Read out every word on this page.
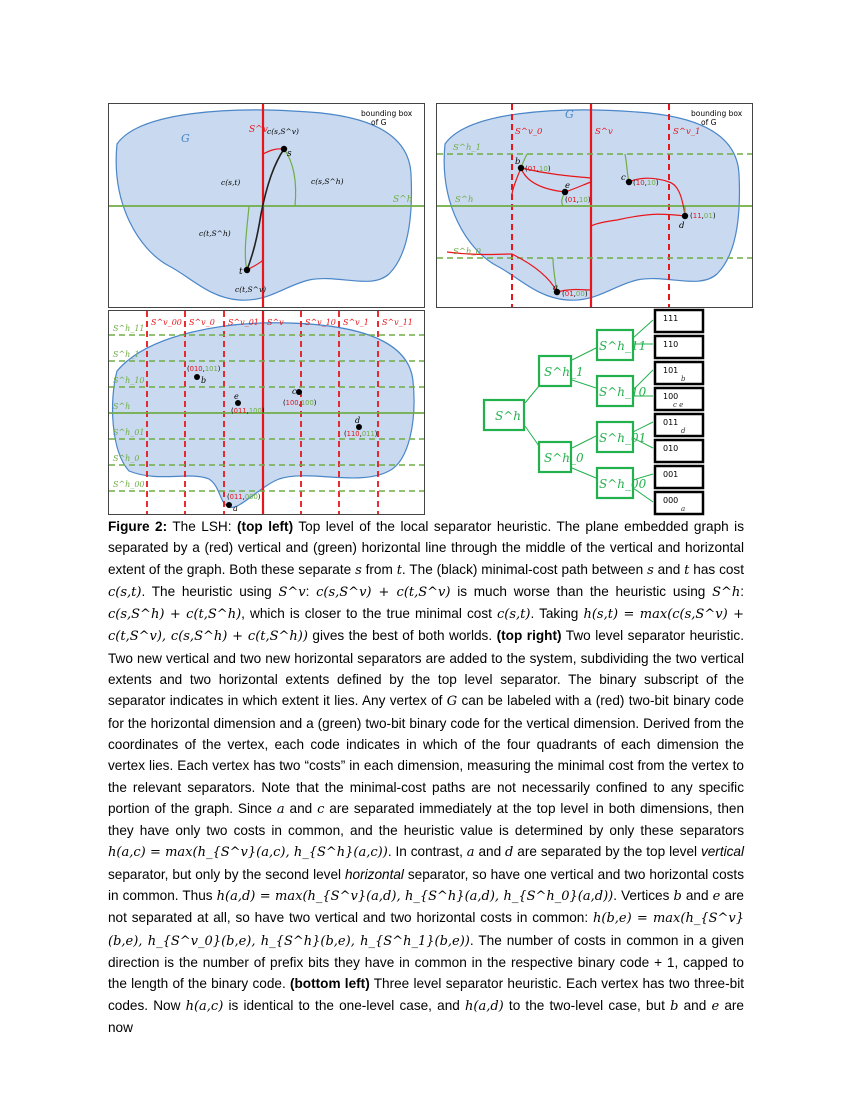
bounding box
of G
G
S^v
S^h
c(s,S^v)
c(s,S^h)
c(s,t)
c(t,S^h)
c(t,S^v)
s
t
bounding box
of G
G
S^v_0	S^v	S^v_1
S^h_1
S^h
S^h_0
b
(01,10)
e
(01,10)
c (10,10)
d
(11,01)
a
(01,00)
S^v_00 S^v_0 S^v_01 S^v	S^v_10 S^v_1 S^v_11
S^h_11
S^h_1
S^h_10
S^h
S^h_01
S^h_0
S^h_00
(010,101)
b
e
(011,100)
c
(100,100)
d
(110,011)
(011,000)
a
S^h
S^h_1
S^h_0
S^h_11
S^h_10
S^h_01
S^h_00
111
110
101
100
011
010
001
000
b
c e
d
a
Figure 2: The LSH: (top left) Top level of the local separator heuristic. The plane embedded graph is separated by a (red) vertical and (green) horizontal line through the middle of the vertical and horizontal extent of the graph. Both these separate s from t. The (black) minimal-cost path between s and t has cost c(s,t). The heuristic using S^v: c(s,S^v) + c(t,S^v) is much worse than the heuristic using S^h: c(s,S^h) + c(t,S^h), which is closer to the true minimal cost c(s,t). Taking h(s,t) = max(c(s,S^v) + c(t,S^v), c(s,S^h) + c(t,S^h)) gives the best of both worlds. (top right) Two level separator heuristic. Two new vertical and two new horizontal separators are added to the system, subdividing the two vertical extents and two horizontal extents defined by the top level separator. The binary subscript of the separator indicates in which extent it lies. Any vertex of G can be labeled with a (red) two-bit binary code for the horizontal dimension and a (green) two-bit binary code for the vertical dimension. Derived from the coordinates of the vertex, each code indicates in which of the four quadrants of each dimension the vertex lies. Each vertex has two “costs” in each dimension, measuring the minimal cost from the vertex to the relevant separators. Note that the minimal-cost paths are not necessarily confined to any specific portion of the graph. Since a and c are separated immediately at the top level in both dimensions, then they have only two costs in common, and the heuristic value is determined by only these separators h(a,c) = max(h_{S^v}(a,c), h_{S^h}(a,c)). In contrast, a and d are separated by the top level vertical separator, but only by the second level horizontal separator, so have one vertical and two horizontal costs in common. Thus h(a,d) = max(h_{S^v}(a,d), h_{S^h}(a,d), h_{S^h_0}(a,d)). Vertices b and e are not separated at all, so have two vertical and two horizontal costs in common: h(b,e) = max(h_{S^v}(b,e), h_{S^v_0}(b,e), h_{S^h}(b,e), h_{S^h_1}(b,e)). The number of costs in common in a given direction is the number of prefix bits they have in common in the respective binary code + 1, capped to the length of the binary code. (bottom left) Three level separator heuristic. Each vertex has two three-bit codes. Now h(a,c) is identical to the one-level case, and h(a,d) to the two-level case, but b and e are now
